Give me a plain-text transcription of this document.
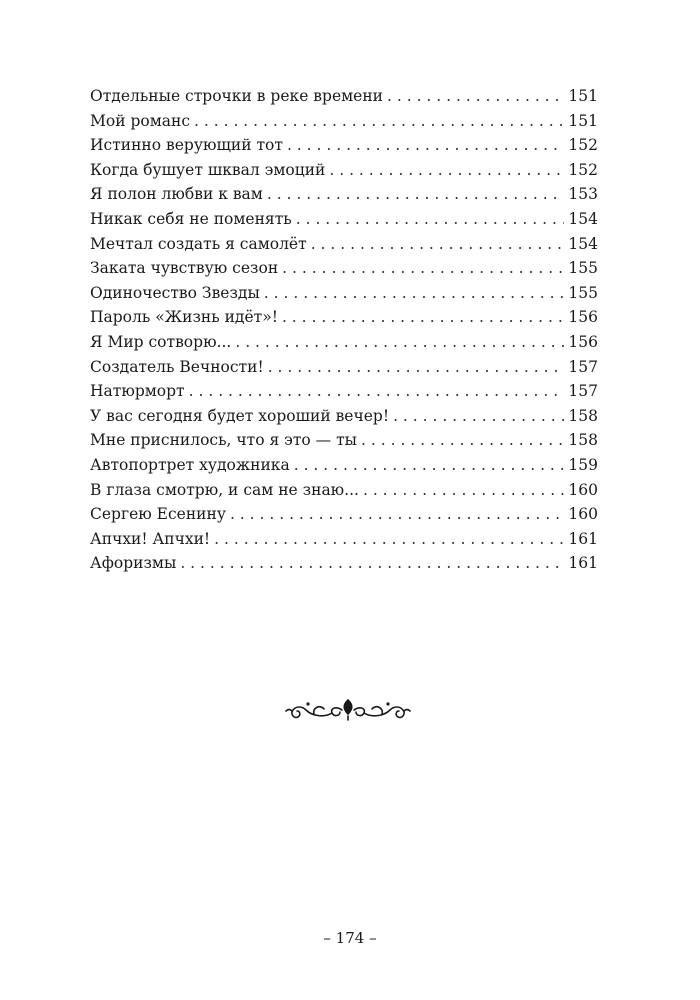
Отдельные строчки в реке времени . . .	151
Мой романс . . .	151
Истинно верующий тот . . .	152
Когда бушует шквал эмоций . . .	152
Я полон любви к вам . . .	153
Никак себя не поменять . . .	154
Мечтал создать я самолёт . . .	154
Заката чувствую сезон . . .	155
Одиночество Звезды . . .	155
Пароль «Жизнь идёт»! . . .	156
Я Мир сотворю... . . .	156
Создатель Вечности! . . .	157
Натюрморт . . .	157
У вас сегодня будет хороший вечер! . . .	158
Мне приснилось, что я это — ты . . .	158
Автопортрет художника . . .	159
В глаза смотрю, и сам не знаю... . . .	160
Сергею Есенину . . .	160
Апчхи! Апчхи! . . .	161
Афоризмы . . .	161
– 174 –
